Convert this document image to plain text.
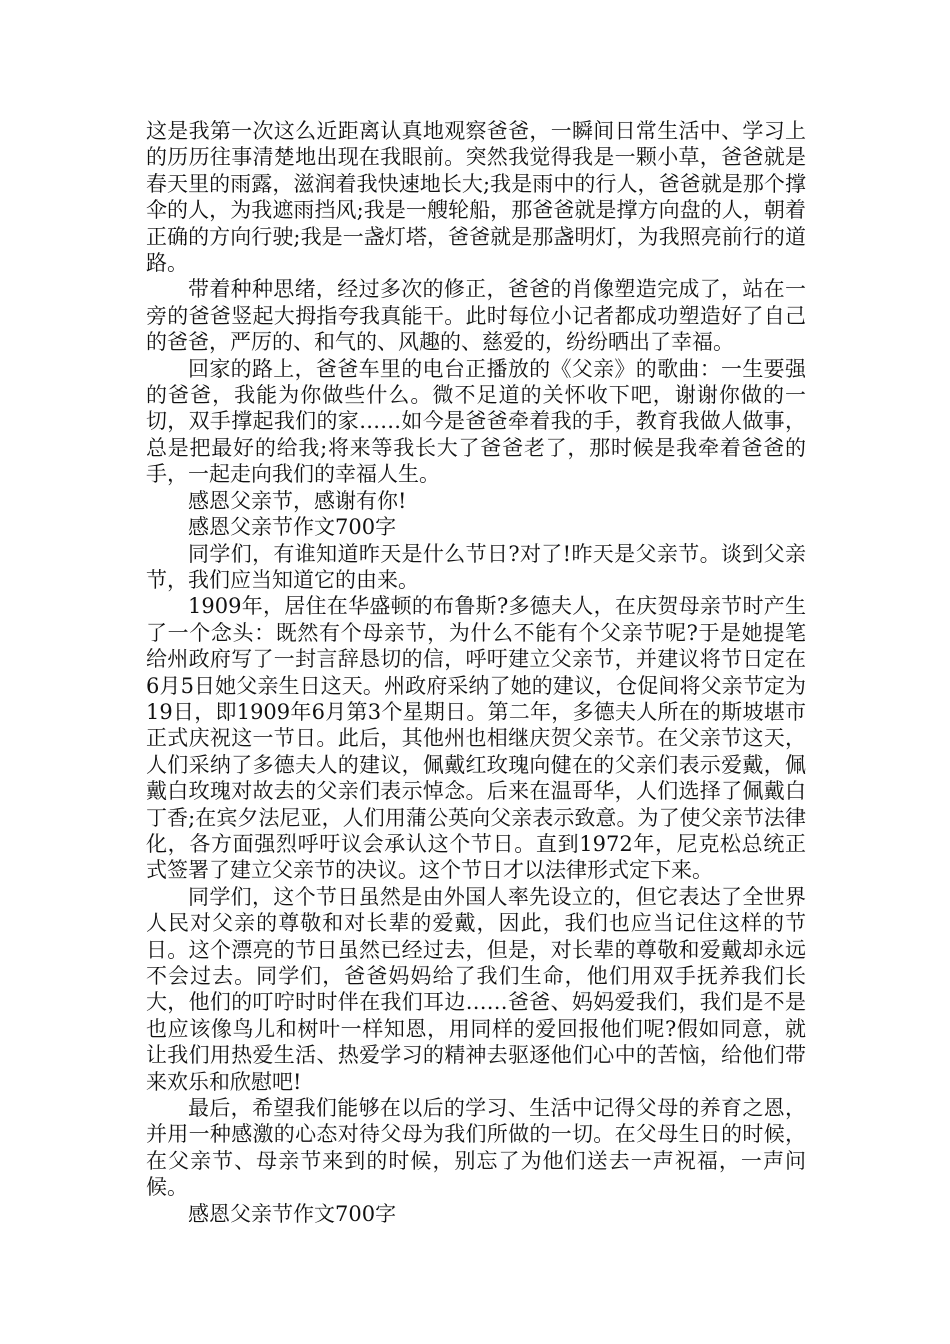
这是我第一次这么近距离认真地观察爸爸，一瞬间日常生活中、学习上的历历往事清楚地出现在我眼前。突然我觉得我是一颗小草，爸爸就是春天里的雨露，滋润着我快速地长大;我是雨中的行人，爸爸就是那个撑伞的人，为我遮雨挡风;我是一艘轮船，那爸爸就是撑方向盘的人，朝着正确的方向行驶;我是一盏灯塔，爸爸就是那盏明灯，为我照亮前行的道路。

带着种种思绪，经过多次的修正，爸爸的肖像塑造完成了，站在一旁的爸爸竖起大拇指夸我真能干。此时每位小记者都成功塑造好了自己的爸爸，严厉的、和气的、风趣的、慈爱的，纷纷晒出了幸福。

回家的路上，爸爸车里的电台正播放的《父亲》的歌曲：一生要强的爸爸，我能为你做些什么。微不足道的关怀收下吧，谢谢你做的一切，双手撑起我们的家……如今是爸爸牵着我的手，教育我做人做事，总是把最好的给我;将来等我长大了爸爸老了，那时候是我牵着爸爸的手，一起走向我们的幸福人生。

感恩父亲节，感谢有你!

感恩父亲节作文700字

同学们，有谁知道昨天是什么节日?对了!昨天是父亲节。谈到父亲节，我们应当知道它的由来。

1909年，居住在华盛顿的布鲁斯?多德夫人，在庆贺母亲节时产生了一个念头：既然有个母亲节，为什么不能有个父亲节呢?于是她提笔给州政府写了一封言辞恳切的信，呼吁建立父亲节，并建议将节日定在6月5日她父亲生日这天。州政府采纳了她的建议，仓促间将父亲节定为19日，即1909年6月第3个星期日。第二年，多德夫人所在的斯坡堪市正式庆祝这一节日。此后，其他州也相继庆贺父亲节。在父亲节这天，人们采纳了多德夫人的建议，佩戴红玫瑰向健在的父亲们表示爱戴，佩戴白玫瑰对故去的父亲们表示悼念。后来在温哥华，人们选择了佩戴白丁香;在宾夕法尼亚，人们用蒲公英向父亲表示致意。为了使父亲节法律化，各方面强烈呼吁议会承认这个节日。直到1972年，尼克松总统正式签署了建立父亲节的决议。这个节日才以法律形式定下来。

同学们，这个节日虽然是由外国人率先设立的，但它表达了全世界人民对父亲的尊敬和对长辈的爱戴，因此，我们也应当记住这样的节日。这个漂亮的节日虽然已经过去，但是，对长辈的尊敬和爱戴却永远不会过去。同学们，爸爸妈妈给了我们生命，他们用双手抚养我们长大，他们的叮咛时时伴在我们耳边……爸爸、妈妈爱我们，我们是不是也应该像鸟儿和树叶一样知恩，用同样的爱回报他们呢?假如同意，就让我们用热爱生活、热爱学习的精神去驱逐他们心中的苦恼，给他们带来欢乐和欣慰吧!

最后，希望我们能够在以后的学习、生活中记得父母的养育之恩，并用一种感激的心态对待父母为我们所做的一切。在父母生日的时候，在父亲节、母亲节来到的时候，别忘了为他们送去一声祝福，一声问候。

感恩父亲节作文700字
